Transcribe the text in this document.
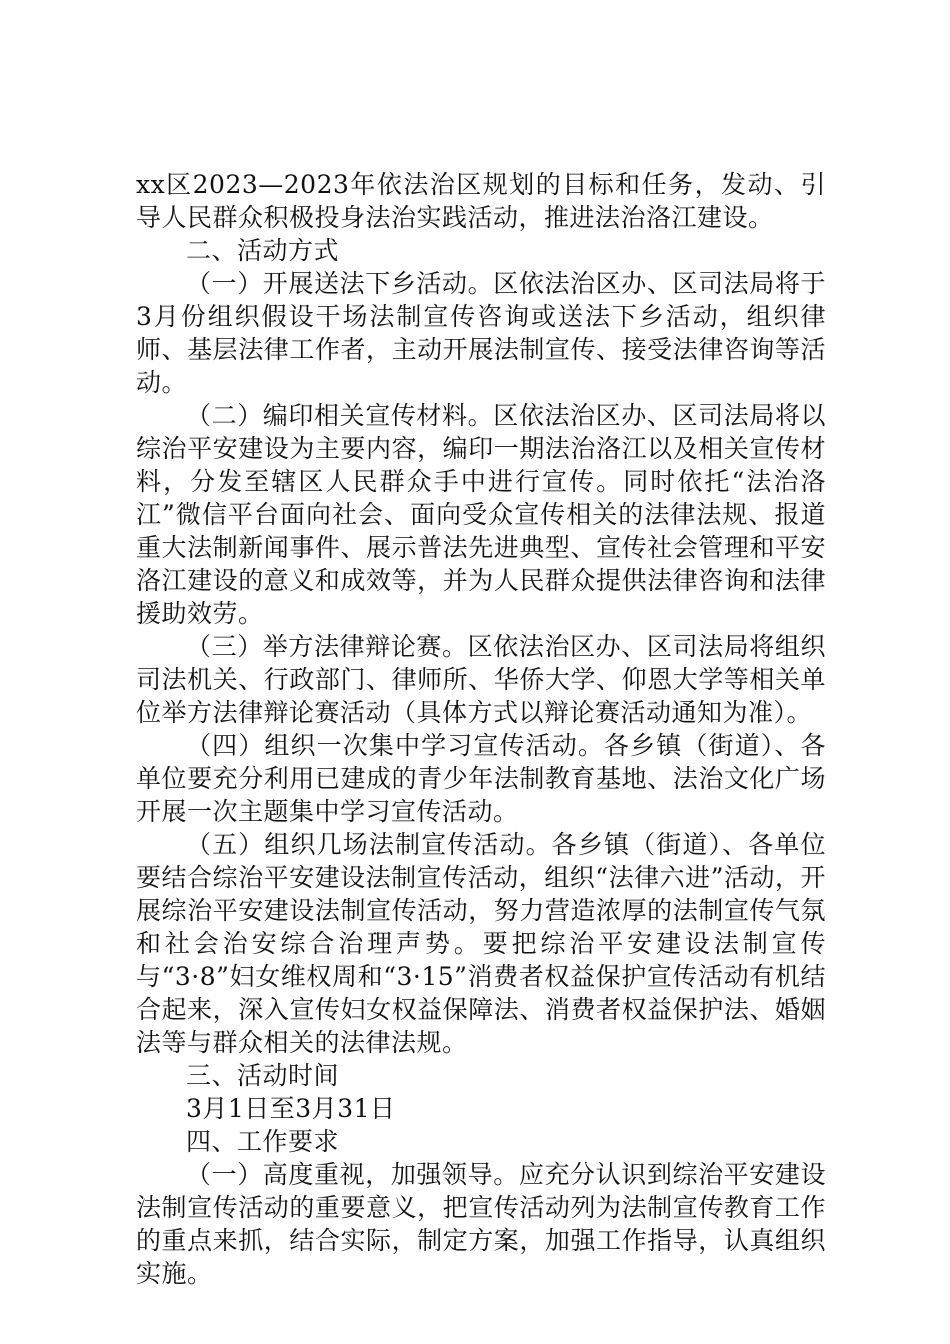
xx区2023—2023年依法治区规划的目标和任务，发动、引导人民群众积极投身法治实践活动，推进法治洛江建设。

二、活动方式

（一）开展送法下乡活动。区依法治区办、区司法局将于3月份组织假设干场法制宣传咨询或送法下乡活动，组织律师、基层法律工作者，主动开展法制宣传、接受法律咨询等活动。

（二）编印相关宣传材料。区依法治区办、区司法局将以综治平安建设为主要内容，编印一期法治洛江以及相关宣传材料，分发至辖区人民群众手中进行宣传。同时依托“法治洛江”微信平台面向社会、面向受众宣传相关的法律法规、报道重大法制新闻事件、展示普法先进典型、宣传社会管理和平安洛江建设的意义和成效等，并为人民群众提供法律咨询和法律援助效劳。

（三）举方法律辩论赛。区依法治区办、区司法局将组织司法机关、行政部门、律师所、华侨大学、仰恩大学等相关单位举方法律辩论赛活动（具体方式以辩论赛活动通知为准）。

（四）组织一次集中学习宣传活动。各乡镇（街道）、各单位要充分利用已建成的青少年法制教育基地、法治文化广场开展一次主题集中学习宣传活动。

（五）组织几场法制宣传活动。各乡镇（街道）、各单位要结合综治平安建设法制宣传活动，组织“法律六进”活动，开展综治平安建设法制宣传活动，努力营造浓厚的法制宣传气氛和社会治安综合治理声势。要把综治平安建设法制宣传与“3·8”妇女维权周和“3·15”消费者权益保护宣传活动有机结合起来，深入宣传妇女权益保障法、消费者权益保护法、婚姻法等与群众相关的法律法规。

三、活动时间

3月1日至3月31日

四、工作要求

（一）高度重视，加强领导。应充分认识到综治平安建设法制宣传活动的重要意义，把宣传活动列为法制宣传教育工作的重点来抓，结合实际，制定方案，加强工作指导，认真组织实施。
